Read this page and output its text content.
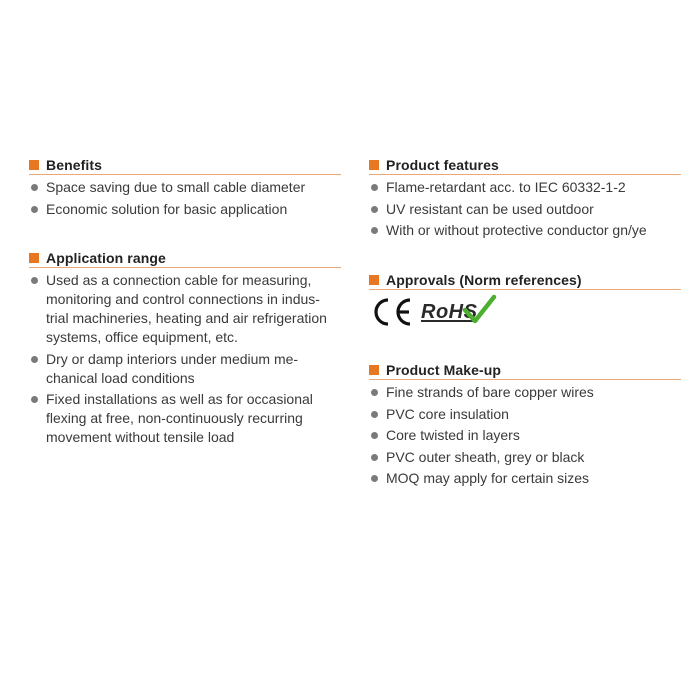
Benefits
Space saving due to small cable diameter
Economic solution for basic application
Application range
Used as a connection cable for measuring,
monitoring and control connections in indus-
trial machineries, heating and air refrigeration
systems, office equipment, etc.
Dry or damp interiors under medium me-
chanical load conditions
Fixed installations as well as for occasional
flexing at free, non-continuously recurring
movement without tensile load
Product features
Flame-retardant acc. to IEC 60332-1-2
UV resistant can be used outdoor
With or without protective conductor gn/ye
Approvals (Norm references)
RoHS
Product Make-up
Fine strands of bare copper wires
PVC core insulation
Core twisted in layers
PVC outer sheath, grey or black
MOQ may apply for certain sizes
